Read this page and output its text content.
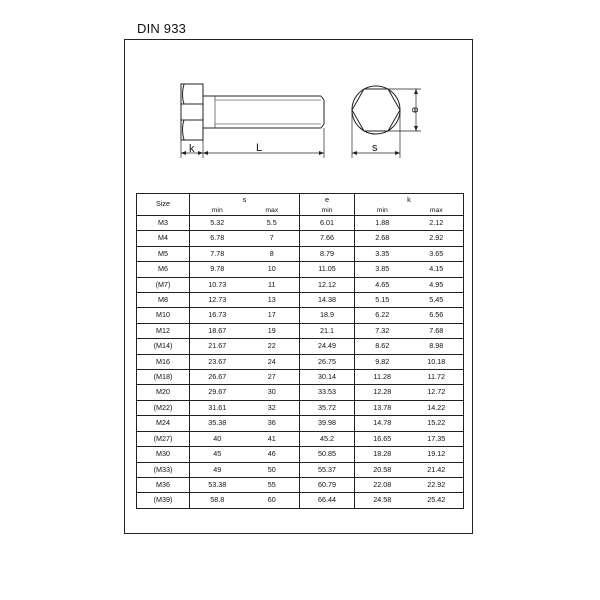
DIN 933
k	L	s
e
Size	s		e	k	
	min	max	min	min	max
M3	5.32	5.5	6.01	1.88	2.12
M4	6.78	7	7.66	2.68	2.92
M5	7.78	8	8.79	3.35	3.65
M6	9.78	10	11.05	3.85	4.15
(M7)	10.73	11	12.12	4.65	4.95
M8	12.73	13	14.38	5.15	5.45
M10	16.73	17	18.9	6.22	6.56
M12	18.67	19	21.1	7.32	7.68
(M14)	21.67	22	24.49	8.62	8.98
M16	23.67	24	26.75	9.82	10.18
(M18)	26.67	27	30.14	11.28	11.72
M20	29.67	30	33.53	12.28	12.72
(M22)	31.61	32	35.72	13.78	14.22
M24	35.38	36	39.98	14.78	15.22
(M27)	40	41	45.2	16.65	17.35
M30	45	46	50.85	18.28	19.12
(M33)	49	50	55.37	20.58	21.42
M36	53.38	55	60.79	22.08	22.92
(M39)	58.8	60	66.44	24.58	25.42
